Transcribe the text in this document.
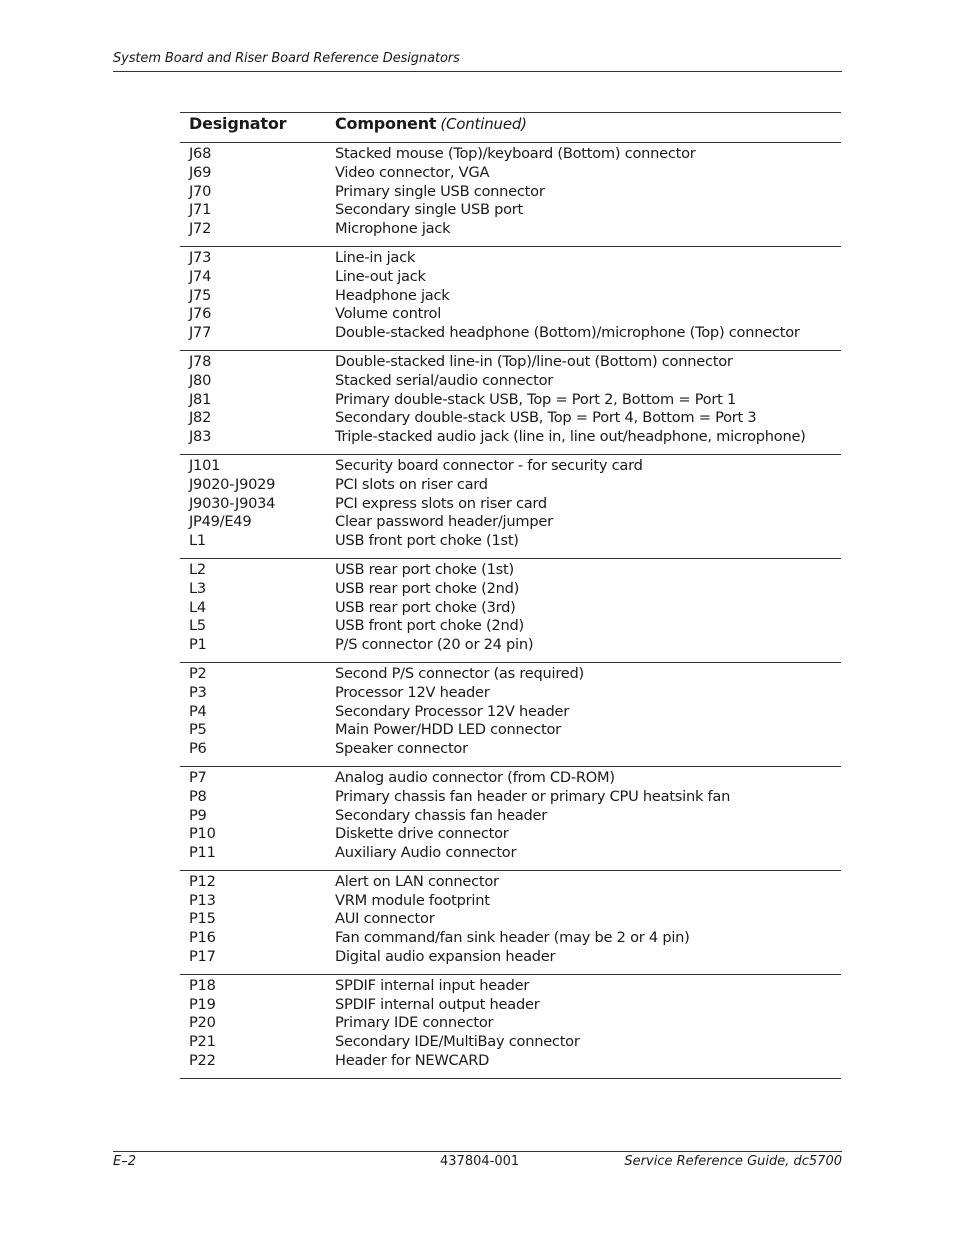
System Board and Riser Board Reference Designators
Designator	Component (Continued)
J68	Stacked mouse (Top)/keyboard (Bottom) connector
J69	Video connector, VGA
J70	Primary single USB connector
J71	Secondary single USB port
J72	Microphone jack
J73	Line-in jack
J74	Line-out jack
J75	Headphone jack
J76	Volume control
J77	Double-stacked headphone (Bottom)/microphone (Top) connector
J78	Double-stacked line-in (Top)/line-out (Bottom) connector
J80	Stacked serial/audio connector
J81	Primary double-stack USB, Top = Port 2, Bottom = Port 1
J82	Secondary double-stack USB, Top = Port 4, Bottom = Port 3
J83	Triple-stacked audio jack (line in, line out/headphone, microphone)
J101	Security board connector - for security card
J9020-J9029	PCI slots on riser card
J9030-J9034	PCI express slots on riser card
JP49/E49	Clear password header/jumper
L1	USB front port choke (1st)
L2	USB rear port choke (1st)
L3	USB rear port choke (2nd)
L4	USB rear port choke (3rd)
L5	USB front port choke (2nd)
P1	P/S connector (20 or 24 pin)
P2	Second P/S connector (as required)
P3	Processor 12V header
P4	Secondary Processor 12V header
P5	Main Power/HDD LED connector
P6	Speaker connector
P7	Analog audio connector (from CD-ROM)
P8	Primary chassis fan header or primary CPU heatsink fan
P9	Secondary chassis fan header
P10	Diskette drive connector
P11	Auxiliary Audio connector
P12	Alert on LAN connector
P13	VRM module footprint
P15	AUI connector
P16	Fan command/fan sink header (may be 2 or 4 pin)
P17	Digital audio expansion header
P18	SPDIF internal input header
P19	SPDIF internal output header
P20	Primary IDE connector
P21	Secondary IDE/MultiBay connector
P22	Header for NEWCARD
E–2	437804-001	Service Reference Guide, dc5700
